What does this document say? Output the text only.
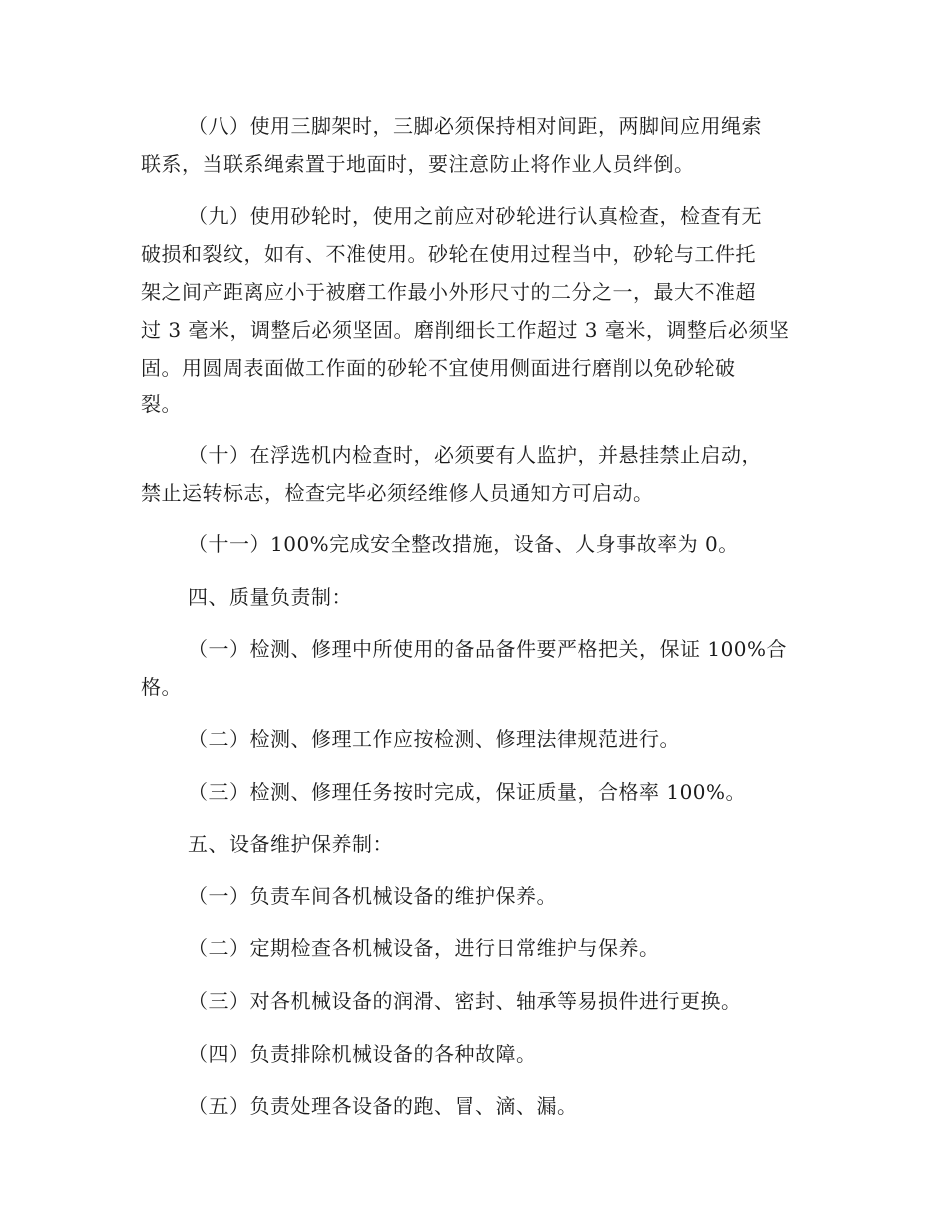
（八）使用三脚架时，三脚必须保持相对间距，两脚间应用绳索
联系，当联系绳索置于地面时，要注意防止将作业人员绊倒。
（九）使用砂轮时，使用之前应对砂轮进行认真检查，检查有无
破损和裂纹，如有、不准使用。砂轮在使用过程当中，砂轮与工件托
架之间产距离应小于被磨工作最小外形尺寸的二分之一，最大不准超
过 3 毫米，调整后必须坚固。磨削细长工作超过 3 毫米，调整后必须坚
固。用圆周表面做工作面的砂轮不宜使用侧面进行磨削以免砂轮破
裂。
（十）在浮选机内检查时，必须要有人监护，并悬挂禁止启动，
禁止运转标志，检查完毕必须经维修人员通知方可启动。
（十一）100%完成安全整改措施，设备、人身事故率为 0。
四、质量负责制：
（一）检测、修理中所使用的备品备件要严格把关，保证 100%合
格。
（二）检测、修理工作应按检测、修理法律规范进行。
（三）检测、修理任务按时完成，保证质量，合格率 100%。
五、设备维护保养制：
（一）负责车间各机械设备的维护保养。
（二）定期检查各机械设备，进行日常维护与保养。
（三）对各机械设备的润滑、密封、轴承等易损件进行更换。
（四）负责排除机械设备的各种故障。
（五）负责处理各设备的跑、冒、滴、漏。
